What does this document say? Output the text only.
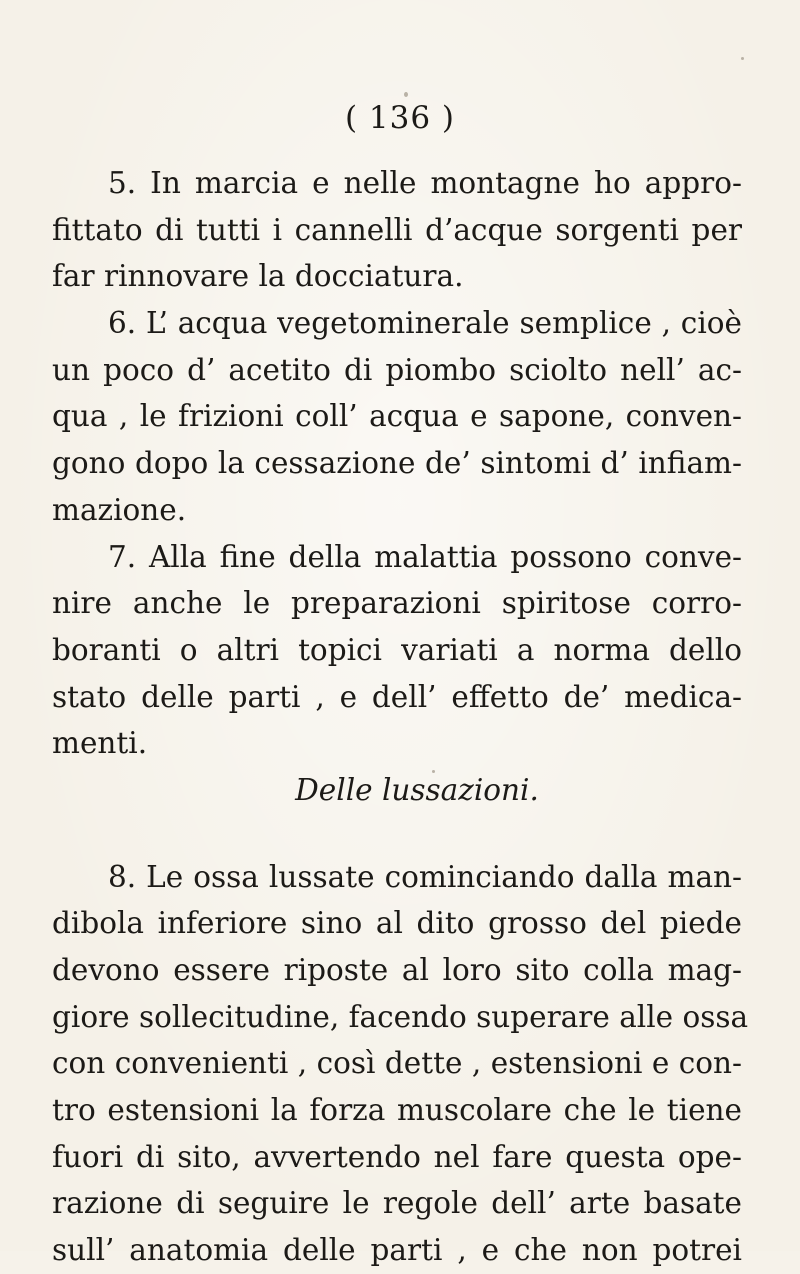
( 136 )
5. In marcia e nelle montagne ho appro-
fittato di tutti i cannelli d’acque sorgenti per
far rinnovare la docciatura.
6. L’ acqua vegetominerale semplice , cioè
un poco d’ acetito di piombo sciolto nell’ ac-
qua , le frizioni coll’ acqua e sapone, conven-
gono dopo la cessazione de’ sintomi d’ infiam-
mazione.
7. Alla fine della malattia possono conve-
nire anche le preparazioni spiritose corro-
boranti o altri topici variati a norma dello
stato delle parti , e dell’ effetto de’ medica-
menti.
Delle lussazioni.
8. Le ossa lussate cominciando dalla man-
dibola inferiore sino al dito grosso del piede
devono essere riposte al loro sito colla mag-
giore sollecitudine, facendo superare alle ossa
con convenienti , così dette , estensioni e con-
tro estensioni la forza muscolare che le tiene
fuori di sito, avvertendo nel fare questa ope-
razione di seguire le regole dell’ arte basate
sull’ anatomia delle parti , e che non potrei
